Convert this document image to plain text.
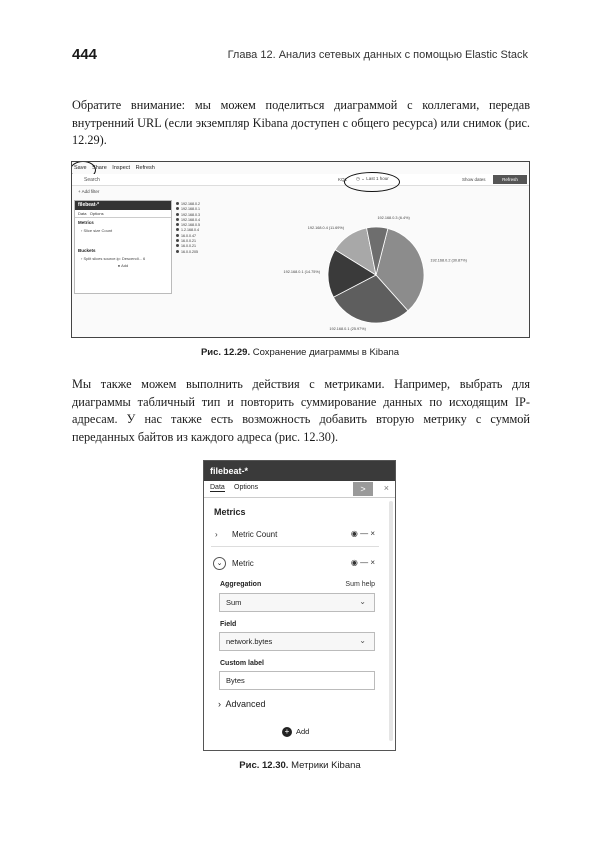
444	Глава 12. Анализ сетевых данных с помощью Elastic Stack

Обратите внимание: мы можем поделиться диаграммой с коллегами, передав внутренний URL (если экземпляр Kibana доступен с общего ресурса) или снимок (рис. 12.29).

Save Share Inspect Refresh
Search	KQL ◷ ⌄ Last 1 hour	Show dates	Refresh
+ Add filter
filebeat-*
Data Options
Metrics
› Slice size Count
Buckets
› Split slices source.ip: Descendi... 6
● Add
192.168.0.2
192.168.0.1
192.168.0.3
192.168.0.4
192.168.0.5
1.2.168.0.4
16.0.0.47
16.0.0.21
16.0.0.21
16.0.0.205
192.168.0.2 (30.87%)
192.168.0.1 (25.97%)
192.168.0.1 (14.75%)
192.168.0.4 (11.69%)
192.168.0.3 (6.4%)
Рис. 12.29. Сохранение диаграммы в Kibana

Мы также можем выполнить действия с метриками. Например, выбрать для диаграммы табличный тип и повторить суммирование данных по исходящим IP-адресам. У нас также есть возможность добавить вторую метрику с суммой переданных байтов из каждого адреса (рис. 12.30).

filebeat-*
Data Options	>	×
Metrics
› Metric Count	◉ — ×
⌄	Metric	◉ — ×
Aggregation	Sum help
Sum	⌄
Field
network.bytes	⌄
Custom label
Bytes
›  Advanced
+ Add
Рис. 12.30. Метрики Kibana
